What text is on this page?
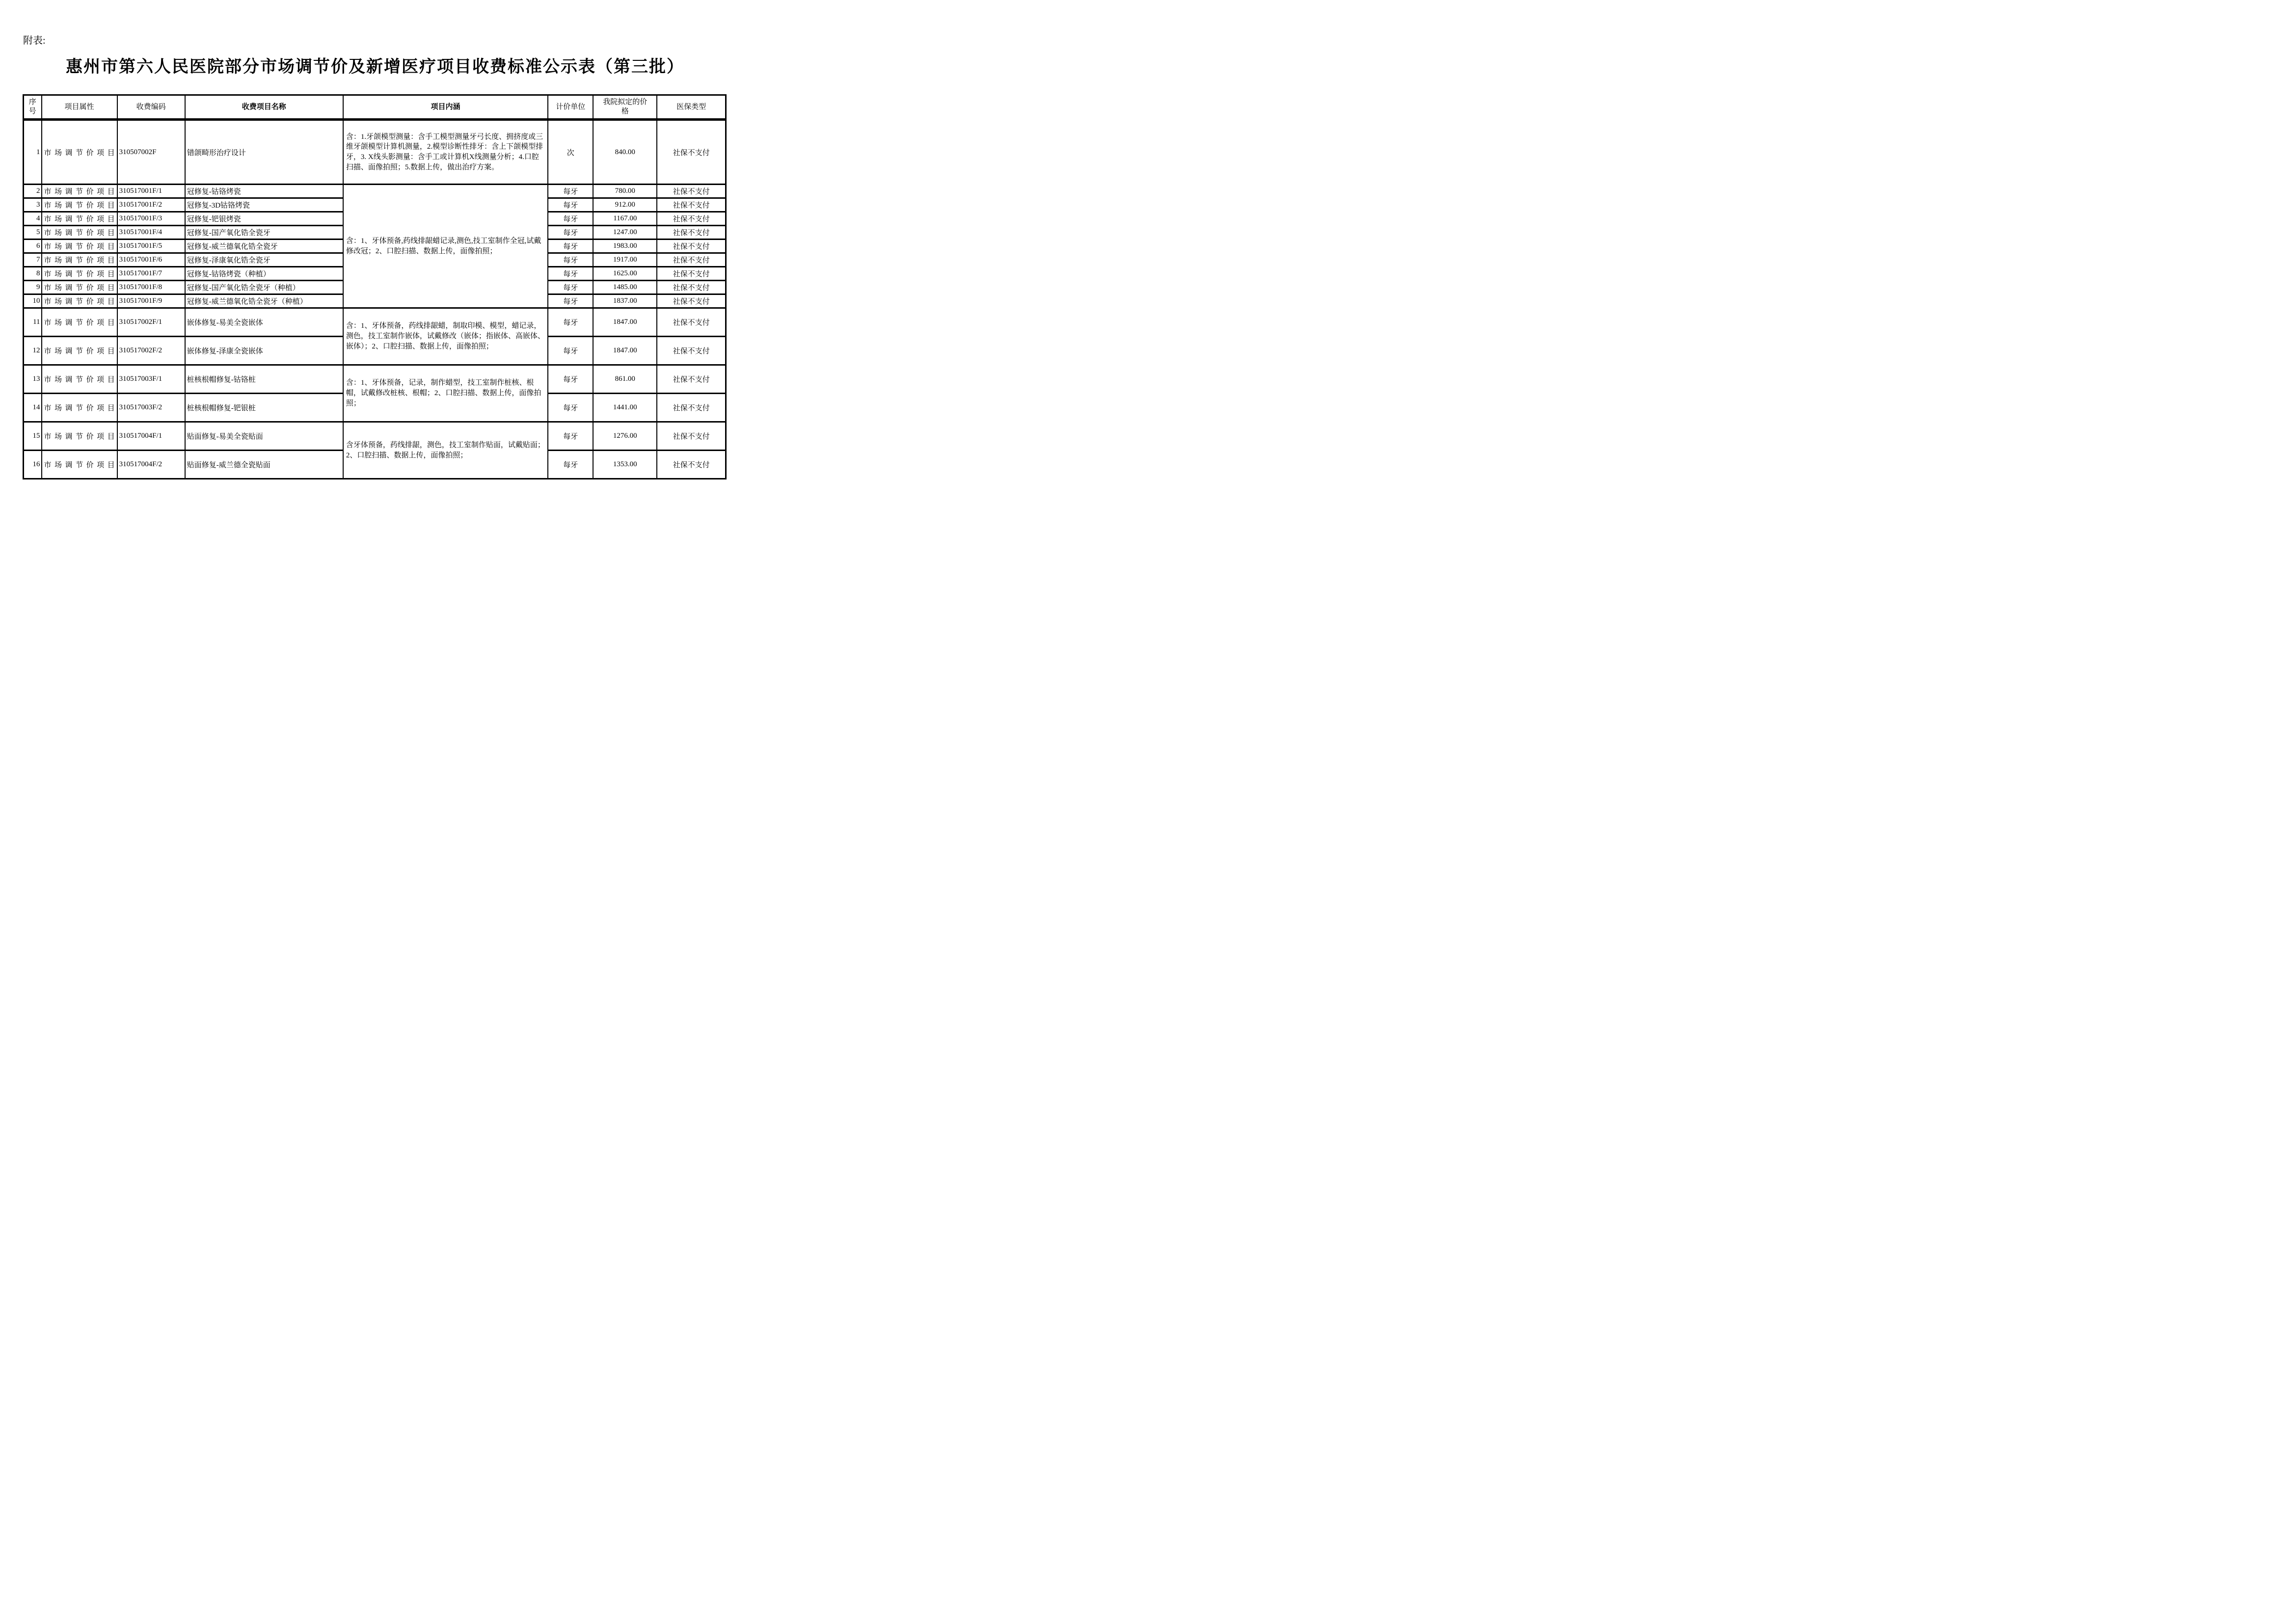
附表:
惠州市第六人民医院部分市场调节价及新增医疗项目收费标准公示表（第三批）
序号	项目属性	收费编码	收费项目名称	项目内涵	计价单位	我院拟定的价格	医保类型
1	市场调节价项目	310507002F	错颌畸形治疗设计	含：1.牙颌模型测量：含手工模型测量牙弓长度、拥挤度或三维牙颌模型计算机测量，2.模型诊断性排牙：含上下颌模型排牙，3. X线头影测量：含手工或计算机X线测量分析；4.口腔扫描、面像拍照；5.数据上传，做出治疗方案。	次	840.00	社保不支付
2	市场调节价项目	310517001F/1	冠修复-钴铬烤瓷	含：1、牙体预备,药线排龈蜡记录,测色,技工室制作全冠,试戴修改冠；2、口腔扫描、数据上传，面像拍照；	每牙	780.00	社保不支付
3	市场调节价项目	310517001F/2	冠修复-3D钴铬烤瓷		每牙	912.00	社保不支付
4	市场调节价项目	310517001F/3	冠修复-钯银烤瓷		每牙	1167.00	社保不支付
5	市场调节价项目	310517001F/4	冠修复-国产氧化锆全瓷牙		每牙	1247.00	社保不支付
6	市场调节价项目	310517001F/5	冠修复-威兰德氧化锆全瓷牙		每牙	1983.00	社保不支付
7	市场调节价项目	310517001F/6	冠修复-泽康氧化锆全瓷牙		每牙	1917.00	社保不支付
8	市场调节价项目	310517001F/7	冠修复-钴铬烤瓷（种植）		每牙	1625.00	社保不支付
9	市场调节价项目	310517001F/8	冠修复-国产氧化锆全瓷牙（种植）		每牙	1485.00	社保不支付
10	市场调节价项目	310517001F/9	冠修复-威兰德氧化锆全瓷牙（种植）		每牙	1837.00	社保不支付
11	市场调节价项目	310517002F/1	嵌体修复-易美全瓷嵌体	含：1、牙体预备，药线排龈蜡，制取印模、模型，蜡记录，测色，技工室制作嵌体，试戴修改（嵌体；指嵌体、高嵌体、嵌体）；2、口腔扫描、数据上传，面像拍照；	每牙	1847.00	社保不支付
12	市场调节价项目	310517002F/2	嵌体修复-泽康全瓷嵌体		每牙	1847.00	社保不支付
13	市场调节价项目	310517003F/1	桩核根帽修复-钴铬桩	含：1、牙体预备，记录，制作蜡型，技工室制作桩核、根帽，试戴修改桩核、根帽；2、口腔扫描、数据上传，面像拍照；	每牙	861.00	社保不支付
14	市场调节价项目	310517003F/2	桩核根帽修复-钯银桩		每牙	1441.00	社保不支付
15	市场调节价项目	310517004F/1	贴面修复-易美全瓷贴面	含牙体预备，药线排龈，测色，技工室制作贴面，试戴贴面；2、口腔扫描、数据上传，面像拍照；	每牙	1276.00	社保不支付
16	市场调节价项目	310517004F/2	贴面修复-威兰德全瓷贴面		每牙	1353.00	社保不支付
